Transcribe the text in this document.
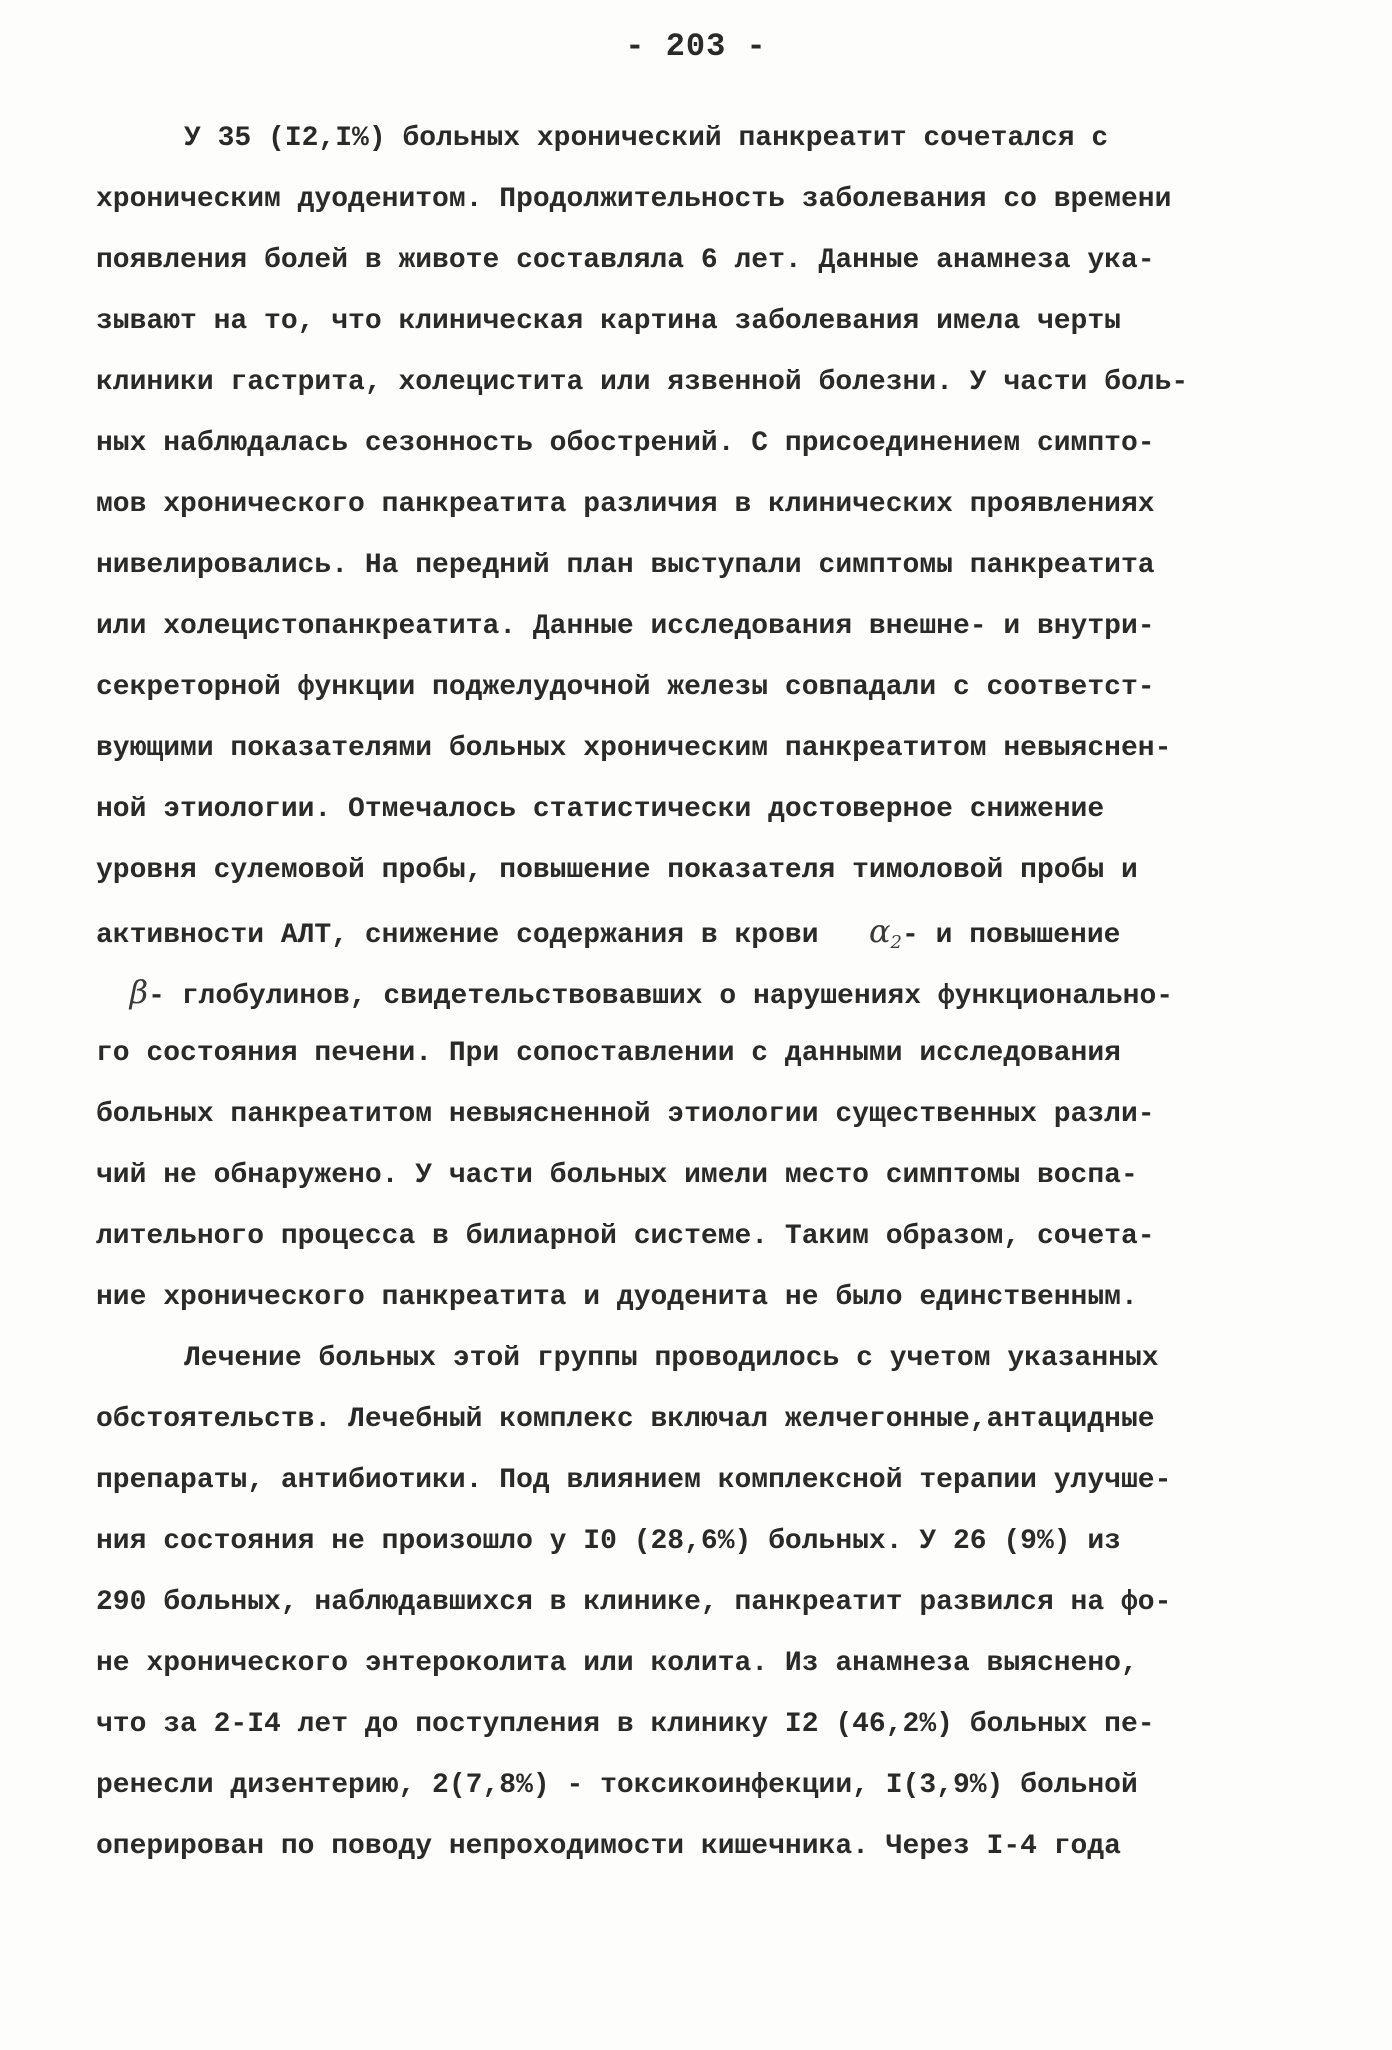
- 203 -
У 35 (I2,I%) больных хронический панкреатит сочетался с
хроническим дуоденитом. Продолжительность заболевания со времени
появления болей в животе составляла 6 лет. Данные анамнеза ука-
зывают на то, что клиническая картина заболевания имела черты
клиники гастрита, холецистита или язвенной болезни. У части боль-
ных наблюдалась сезонность обострений. С присоединением симпто-
мов хронического панкреатита различия в клинических проявлениях
нивелировались. На передний план выступали симптомы панкреатита
или холецистопанкреатита. Данные исследования внешне- и внутри-
секреторной функции поджелудочной железы совпадали с соответст-
вующими показателями больных хроническим панкреатитом невыяснен-
ной этиологии. Отмечалось статистически достоверное снижение
уровня сулемовой пробы, повышение показателя тимоловой пробы и
активности АЛТ, снижение содержания в крови   $\alpha_2-$ и повышение
β- глобулинов, свидетельствовавших о нарушениях функционально-
го состояния печени. При сопоставлении с данными исследования
больных панкреатитом невыясненной этиологии существенных разли-
чий не обнаружено. У части больных имели место симптомы воспа-
лительного процесса в билиарной системе. Таким образом, сочета-
ние хронического панкреатита и дуоденита не было единственным.
Лечение больных этой группы проводилось с учетом указанных
обстоятельств. Лечебный комплекс включал желчегонные,антацидные
препараты, антибиотики. Под влиянием комплексной терапии улучше-
ния состояния не произошло у I0 (28,6%) больных. У 26 (9%) из
290 больных, наблюдавшихся в клинике, панкреатит развился на фо-
не хронического энтероколита или колита. Из анамнеза выяснено,
что за 2-I4 лет до поступления в клинику I2 (46,2%) больных пе-
ренесли дизентерию, 2(7,8%) - токсикоинфекции, I(3,9%) больной
оперирован по поводу непроходимости кишечника. Через I-4 года
